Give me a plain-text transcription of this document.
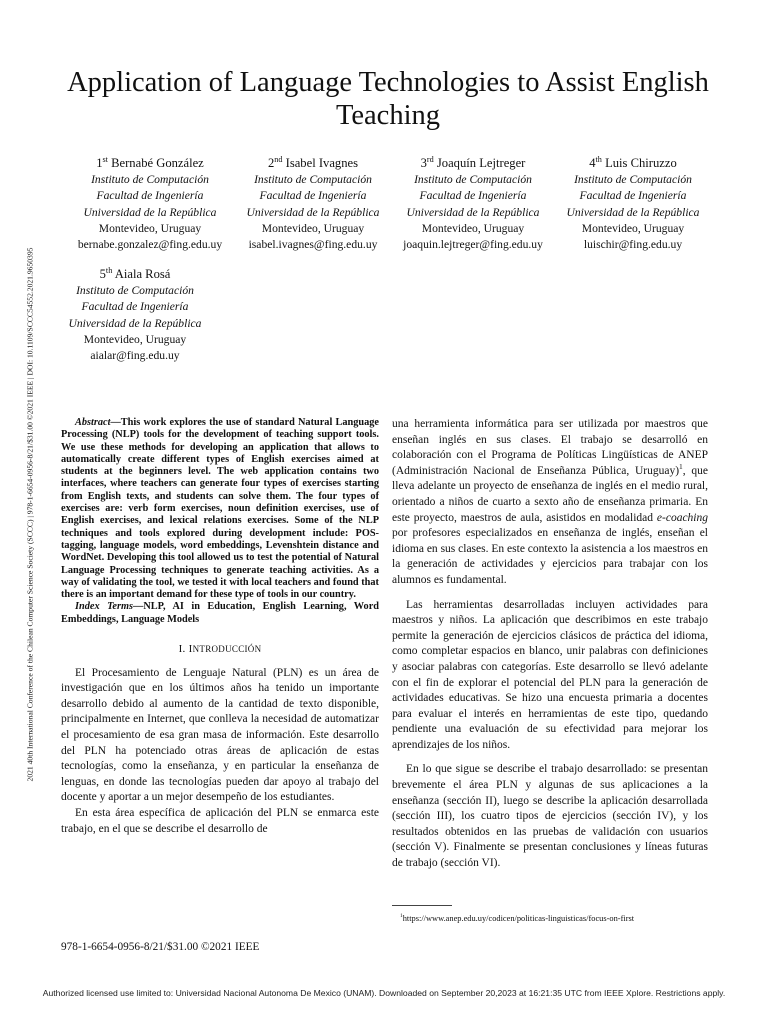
2021 40th International Conference of the Chilean Computer Science Society (SCCC) | 978-1-6654-0956-8/21/$31.00 ©2021 IEEE | DOI: 10.1109/SCCC54552.2021.9650395
Application of Language Technologies to Assist English Teaching
1st Bernabé González
Instituto de Computación
Facultad de Ingeniería
Universidad de la República
Montevideo, Uruguay
bernabe.gonzalez@fing.edu.uy
2nd Isabel Ivagnes
Instituto de Computación
Facultad de Ingeniería
Universidad de la República
Montevideo, Uruguay
isabel.ivagnes@fing.edu.uy
3rd Joaquín Lejtreger
Instituto de Computación
Facultad de Ingeniería
Universidad de la República
Montevideo, Uruguay
joaquin.lejtreger@fing.edu.uy
4th Luis Chiruzzo
Instituto de Computación
Facultad de Ingeniería
Universidad de la República
Montevideo, Uruguay
luischir@fing.edu.uy
5th Aiala Rosá
Instituto de Computación
Facultad de Ingeniería
Universidad de la República
Montevideo, Uruguay
aialar@fing.edu.uy

Abstract—This work explores the use of standard Natural Language Processing (NLP) tools for the development of teaching support tools. We use these methods for developing an application that allows to automatically create different types of English exercises aimed at students at the beginners level. The web application contains two interfaces, where teachers can generate four types of exercises starting from English texts, and students can solve them. The four types of exercises are: verb form exercises, noun definition exercises, use of English exercises, and lexical relations exercises. Some of the NLP techniques and tools explored during development include: POS-tagging, language models, word embeddings, Levenshtein distance and WordNet. Developing this tool allowed us to test the potential of Natural Language Processing techniques to generate teaching activities. As a way of validating the tool, we tested it with local teachers and found that there is an important demand for these type of tools in our country.

Index Terms—NLP, AI in Education, English Learning, Word Embeddings, Language Models

I. INTRODUCCIÓN

El Procesamiento de Lenguaje Natural (PLN) es un área de investigación que en los últimos años ha tenido un importante desarrollo debido al aumento de la cantidad de texto disponible, principalmente en Internet, que conlleva la necesidad de automatizar el procesamiento de esa gran masa de información. Este desarrollo del PLN ha potenciado otras áreas de aplicación de estas tecnologías, como la enseñanza, y en particular la enseñanza de lenguas, en donde las tecnologías pueden dar apoyo al trabajo del docente y aportar a un mejor desempeño de los estudiantes.

En esta área específica de aplicación del PLN se enmarca este trabajo, en el que se describe el desarrollo de

una herramienta informática para ser utilizada por maestros que enseñan inglés en sus clases. El trabajo se desarrolló en colaboración con el Programa de Políticas Lingüísticas de ANEP (Administración Nacional de Enseñanza Pública, Uruguay)$^1$, que lleva adelante un proyecto de enseñanza de inglés en el medio rural, orientado a niños de cuarto a sexto año de enseñanza primaria. En este proyecto, maestros de aula, asistidos en modalidad e-coaching por profesores especializados en enseñanza de inglés, enseñan el idioma en sus clases. En este contexto la asistencia a los maestros en la generación de actividades y ejercicios para trabajar con los alumnos es fundamental.

Las herramientas desarrolladas incluyen actividades para maestros y niños. La aplicación que describimos en este trabajo permite la generación de ejercicios clásicos de práctica del idioma, como completar espacios en blanco, unir palabras con definiciones y asociar palabras con categorías. Este desarrollo se llevó adelante con el fin de explorar el potencial del PLN para la generación de actividades educativas. Se hizo una encuesta primaria a docentes para evaluar el interés en herramientas de este tipo, quedando pendiente una evaluación de su efectividad para mejorar los aprendizajes de los niños.

En lo que sigue se describe el trabajo desarrollado: se presentan brevemente el área PLN y algunas de sus aplicaciones a la enseñanza (sección II), luego se describe la aplicación desarrollada (sección III), los cuatro tipos de ejercicios (sección IV), y los resultados obtenidos en las pruebas de validación con usuarios (sección V). Finalmente se presentan conclusiones y líneas futuras de trabajo (sección VI).

$^1$https://www.anep.edu.uy/codicen/politicas-linguisticas/focus-on-first
978-1-6654-0956-8/21/$31.00 ©2021 IEEE
Authorized licensed use limited to: Universidad Nacional Autonoma De Mexico (UNAM). Downloaded on September 20,2023 at 16:21:35 UTC from IEEE Xplore. Restrictions apply.
